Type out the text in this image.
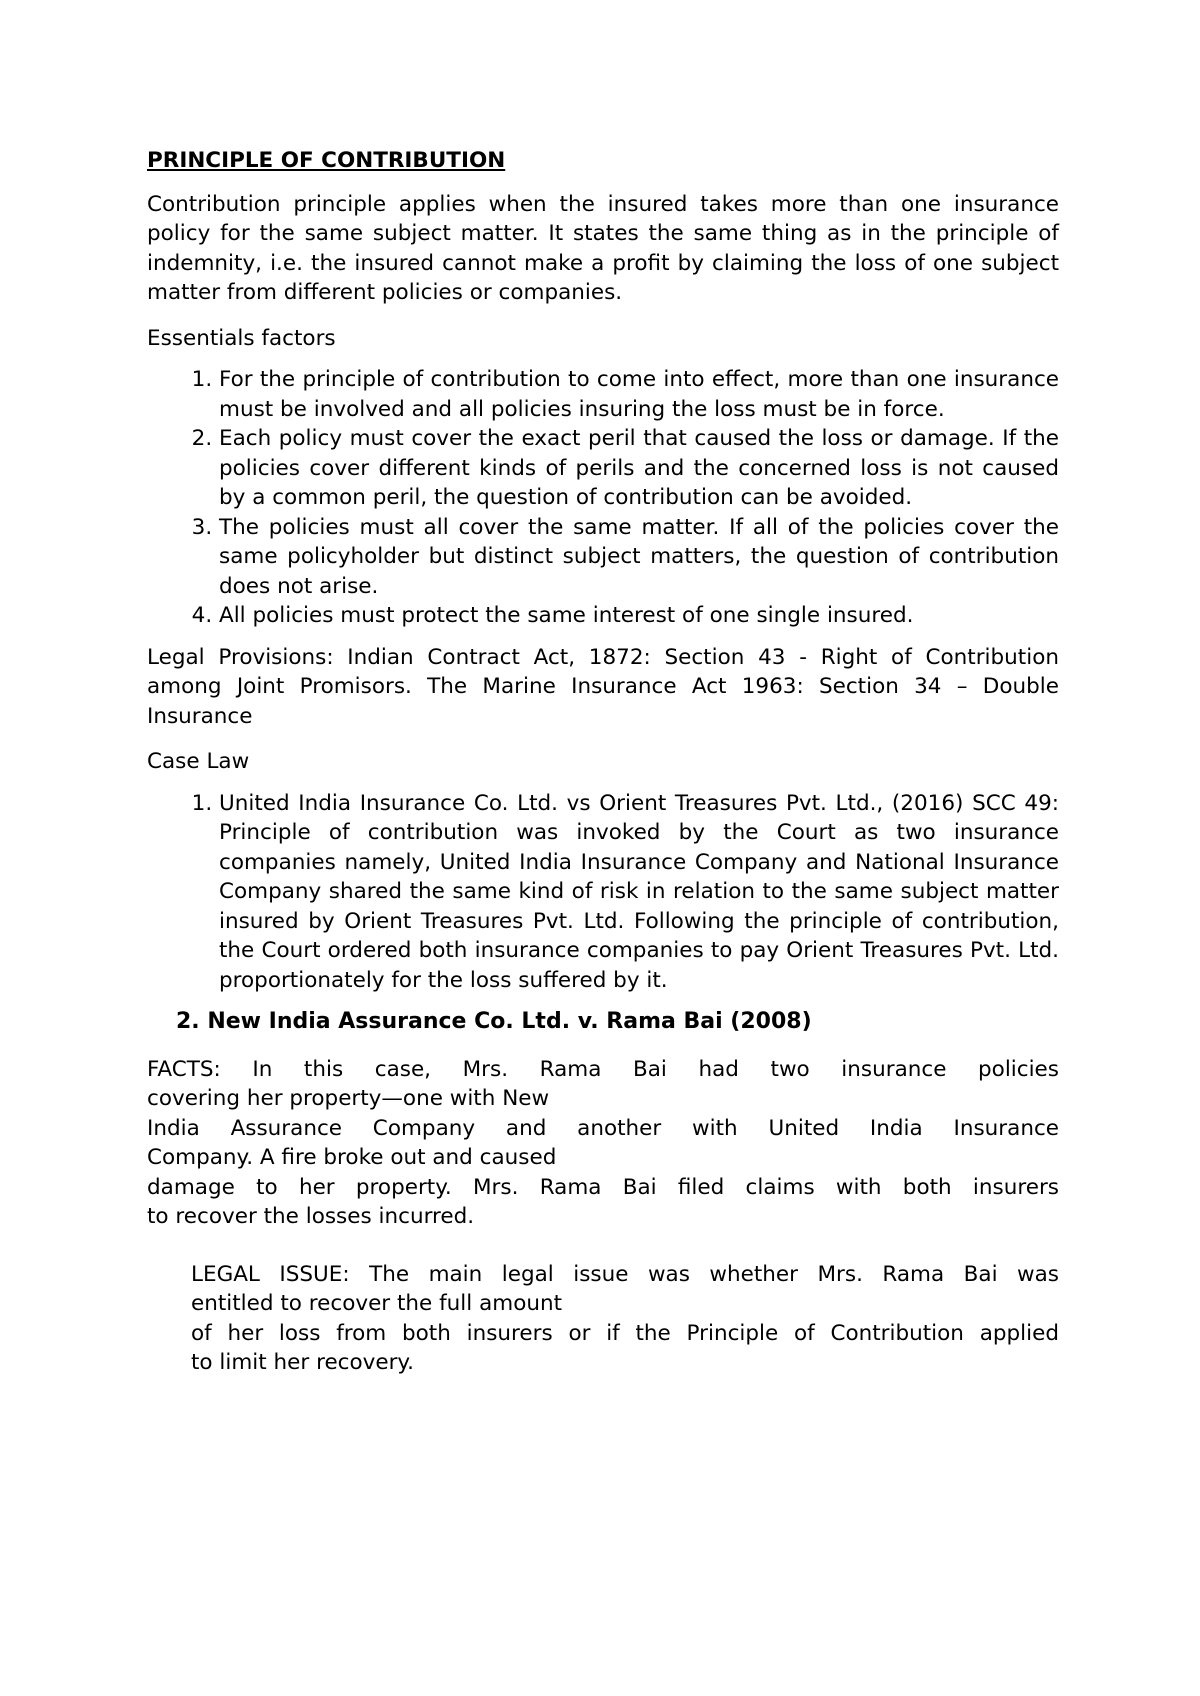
PRINCIPLE OF CONTRIBUTION
Contribution principle applies when the insured takes more than one insurance policy for the same subject matter. It states the same thing as in the principle of indemnity, i.e. the insured cannot make a profit by claiming the loss of one subject matter from different policies or companies.
Essentials factors
1. For the principle of contribution to come into effect, more than one insurance must be involved and all policies insuring the loss must be in force.
2. Each policy must cover the exact peril that caused the loss or damage. If the policies cover different kinds of perils and the concerned loss is not caused by a common peril, the question of contribution can be avoided.
3. The policies must all cover the same matter. If all of the policies cover the same policyholder but distinct subject matters, the question of contribution does not arise.
4. All policies must protect the same interest of one single insured.
Legal Provisions: Indian Contract Act, 1872: Section 43 - Right of Contribution among Joint Promisors. The Marine Insurance Act 1963: Section 34 – Double Insurance
Case Law
1. United India Insurance Co. Ltd. vs Orient Treasures Pvt. Ltd., (2016) SCC 49: Principle of contribution was invoked by the Court as two insurance companies namely, United India Insurance Company and National Insurance Company shared the same kind of risk in relation to the same subject matter insured by Orient Treasures Pvt. Ltd. Following the principle of contribution, the Court ordered both insurance companies to pay Orient Treasures Pvt. Ltd. proportionately for the loss suffered by it.
2. New India Assurance Co. Ltd. v. Rama Bai (2008)
FACTS: In this case, Mrs. Rama Bai had two insurance policies
covering her property—one with New
India Assurance Company and another with United India Insurance
Company. A fire broke out and caused
damage to her property. Mrs. Rama Bai filed claims with both insurers
to recover the losses incurred.
LEGAL ISSUE: The main legal issue was whether Mrs. Rama Bai was
entitled to recover the full amount
of her loss from both insurers or if the Principle of Contribution applied
to limit her recovery.
